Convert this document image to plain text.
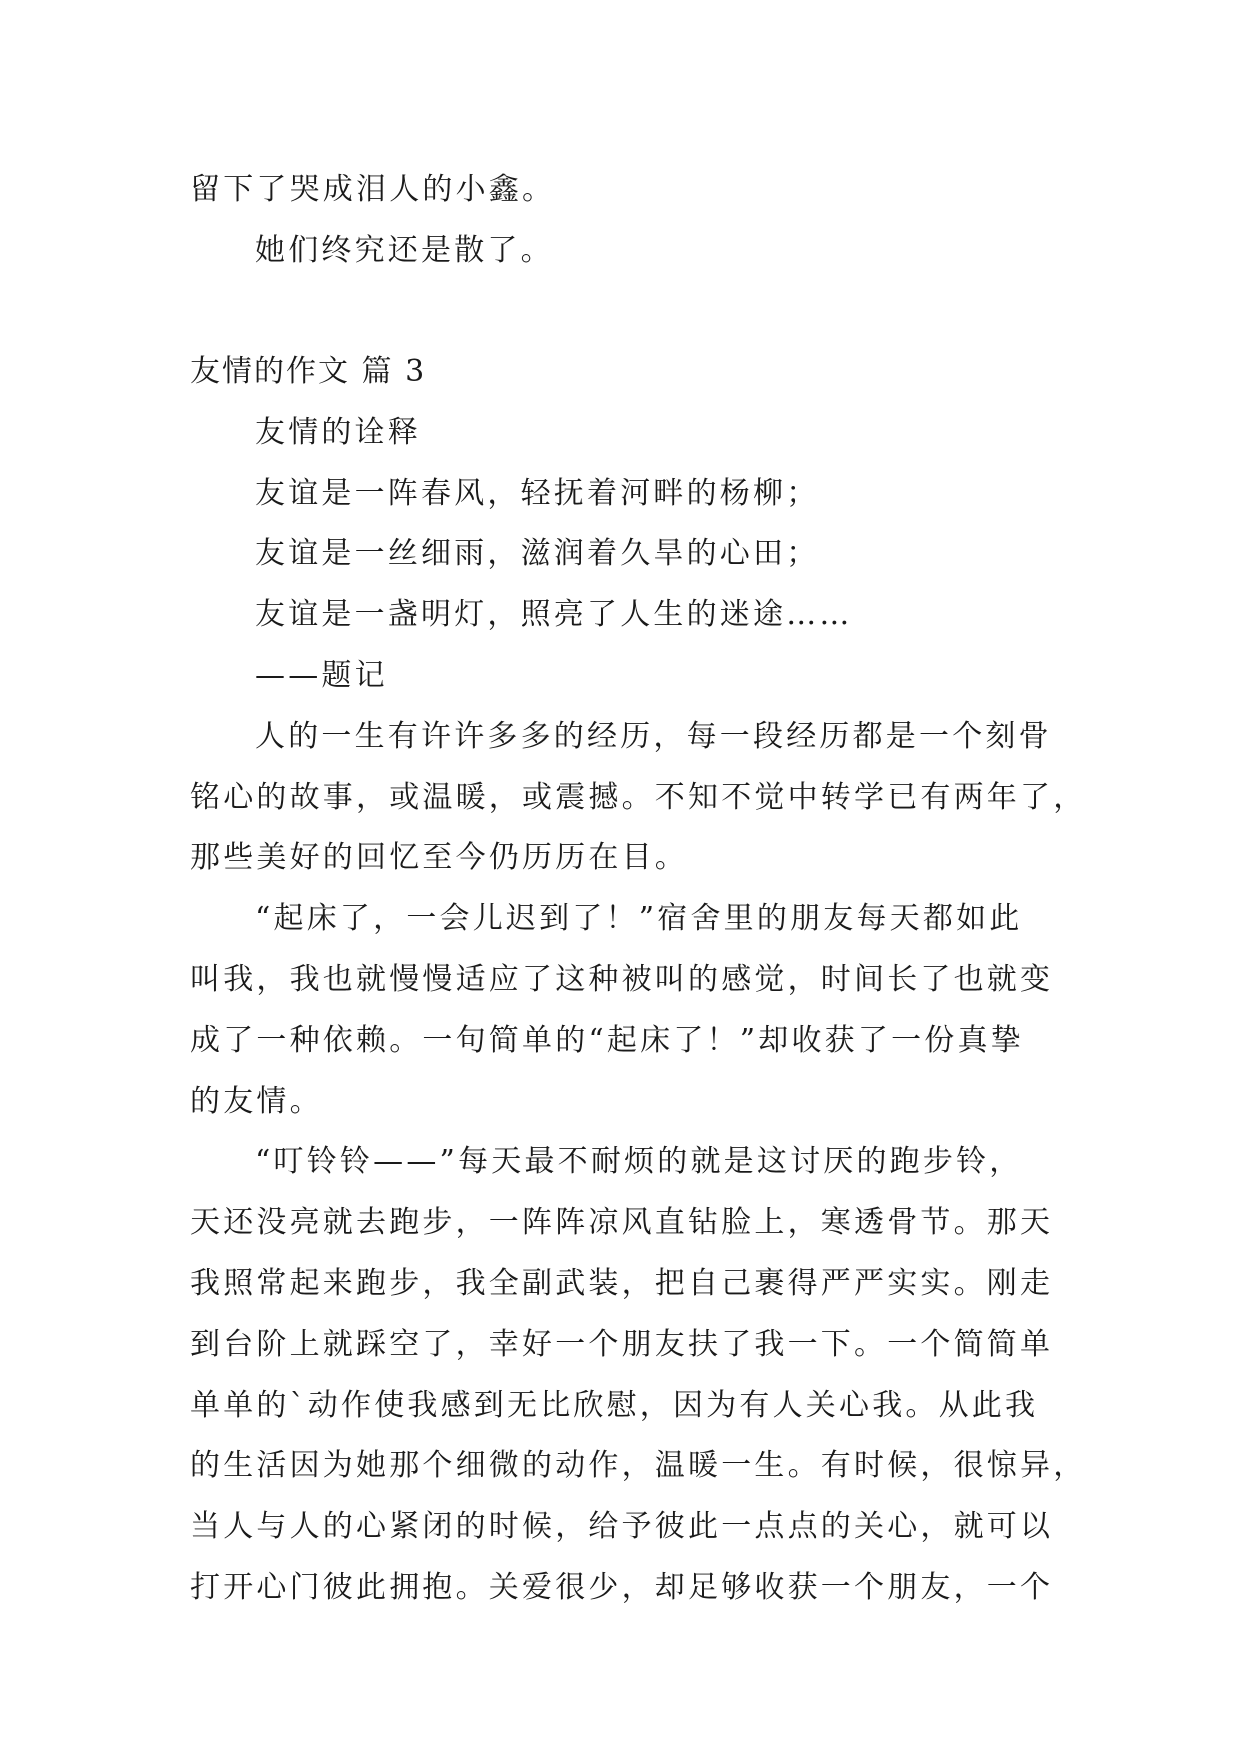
留下了哭成泪人的小鑫。
她们终究还是散了。
友情的作文 篇 3
友情的诠释
友谊是一阵春风，轻抚着河畔的杨柳；
友谊是一丝细雨，滋润着久旱的心田；
友谊是一盏明灯，照亮了人生的迷途……
——题记
人的一生有许许多多的经历，每一段经历都是一个刻骨
铭心的故事，或温暖，或震撼。不知不觉中转学已有两年了，
那些美好的回忆至今仍历历在目。
“起床了，一会儿迟到了！”宿舍里的朋友每天都如此
叫我，我也就慢慢适应了这种被叫的感觉，时间长了也就变
成了一种依赖。一句简单的“起床了！”却收获了一份真挚
的友情。
“叮铃铃——”每天最不耐烦的就是这讨厌的跑步铃，
天还没亮就去跑步，一阵阵凉风直钻脸上，寒透骨节。那天
我照常起来跑步，我全副武装，把自己裹得严严实实。刚走
到台阶上就踩空了，幸好一个朋友扶了我一下。一个简简单
单单的`动作使我感到无比欣慰，因为有人关心我。从此我
的生活因为她那个细微的动作，温暖一生。有时候，很惊异，
当人与人的心紧闭的时候，给予彼此一点点的关心，就可以
打开心门彼此拥抱。关爱很少，却足够收获一个朋友，一个
